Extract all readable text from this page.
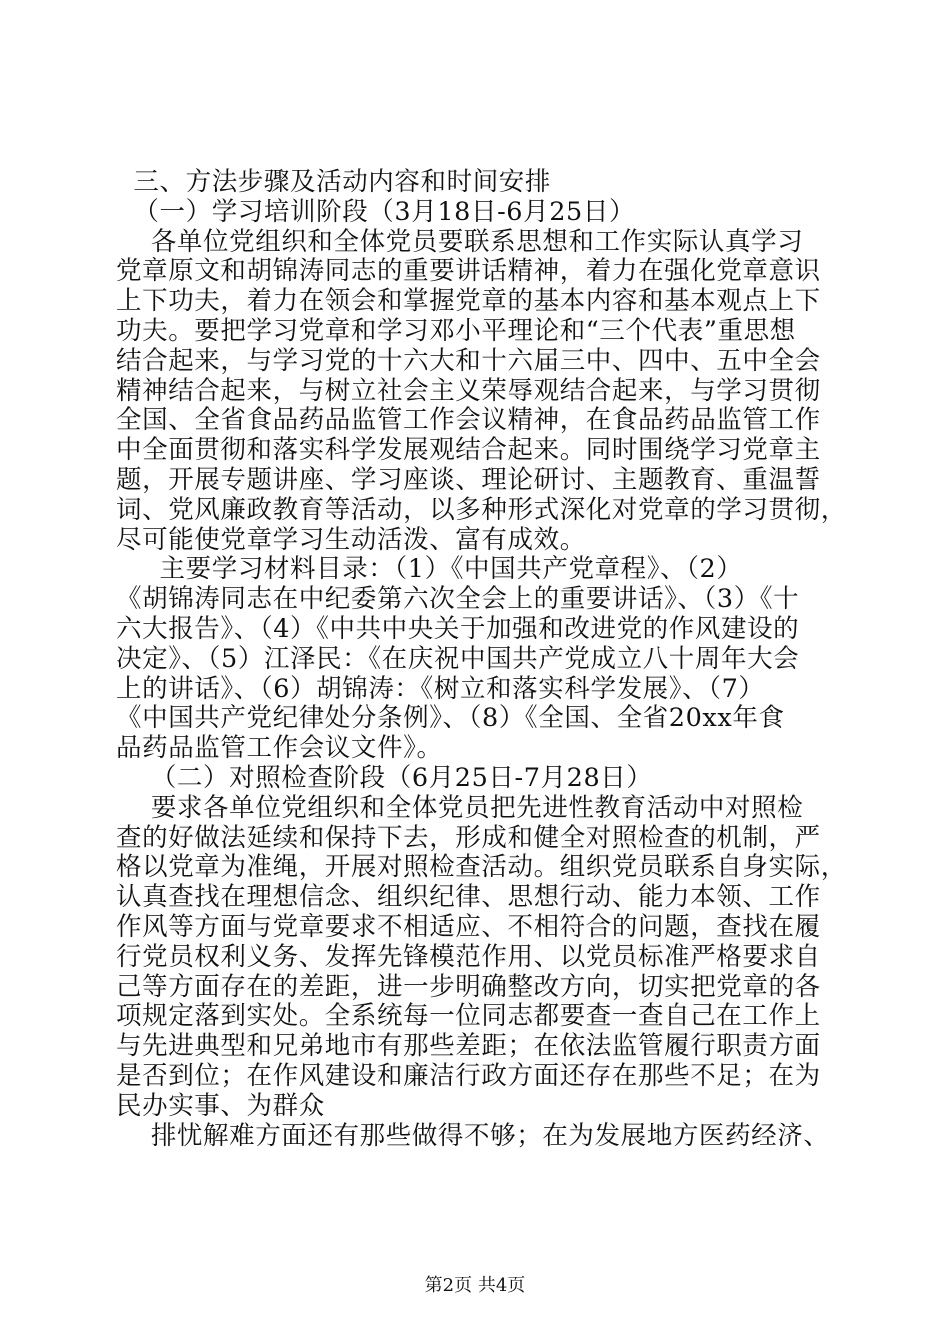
三、方法步骤及活动内容和时间安排
（一）学习培训阶段（3月18日-6月25日）
各单位党组织和全体党员要联系思想和工作实际认真学习
党章原文和胡锦涛同志的重要讲话精神，着力在强化党章意识
上下功夫，着力在领会和掌握党章的基本内容和基本观点上下
功夫。要把学习党章和学习邓小平理论和“三个代表”重思想
结合起来，与学习党的十六大和十六届三中、四中、五中全会
精神结合起来，与树立社会主义荣辱观结合起来，与学习贯彻
全国、全省食品药品监管工作会议精神，在食品药品监管工作
中全面贯彻和落实科学发展观结合起来。同时围绕学习党章主
题，开展专题讲座、学习座谈、理论研讨、主题教育、重温誓
词、党风廉政教育等活动，以多种形式深化对党章的学习贯彻，
尽可能使党章学习生动活泼、富有成效。
主要学习材料目录：（1）《中国共产党章程》、（2）
《胡锦涛同志在中纪委第六次全会上的重要讲话》、（3）《十
六大报告》、（4）《中共中央关于加强和改进党的作风建设的
决定》、（5）江泽民：《在庆祝中国共产党成立八十周年大会
上的讲话》、（6）胡锦涛：《树立和落实科学发展》、（7）
《中国共产党纪律处分条例》、（8）《全国、全省20xx年食
品药品监管工作会议文件》。
（二）对照检查阶段（6月25日-7月28日）
要求各单位党组织和全体党员把先进性教育活动中对照检
查的好做法延续和保持下去，形成和健全对照检查的机制，严
格以党章为准绳，开展对照检查活动。组织党员联系自身实际，
认真查找在理想信念、组织纪律、思想行动、能力本领、工作
作风等方面与党章要求不相适应、不相符合的问题，查找在履
行党员权利义务、发挥先锋模范作用、以党员标准严格要求自
己等方面存在的差距，进一步明确整改方向，切实把党章的各
项规定落到实处。全系统每一位同志都要查一查自己在工作上
与先进典型和兄弟地市有那些差距；在依法监管履行职责方面
是否到位；在作风建设和廉洁行政方面还存在那些不足；在为
民办实事、为群众
排忧解难方面还有那些做得不够；在为发展地方医药经济、
第2页 共4页
